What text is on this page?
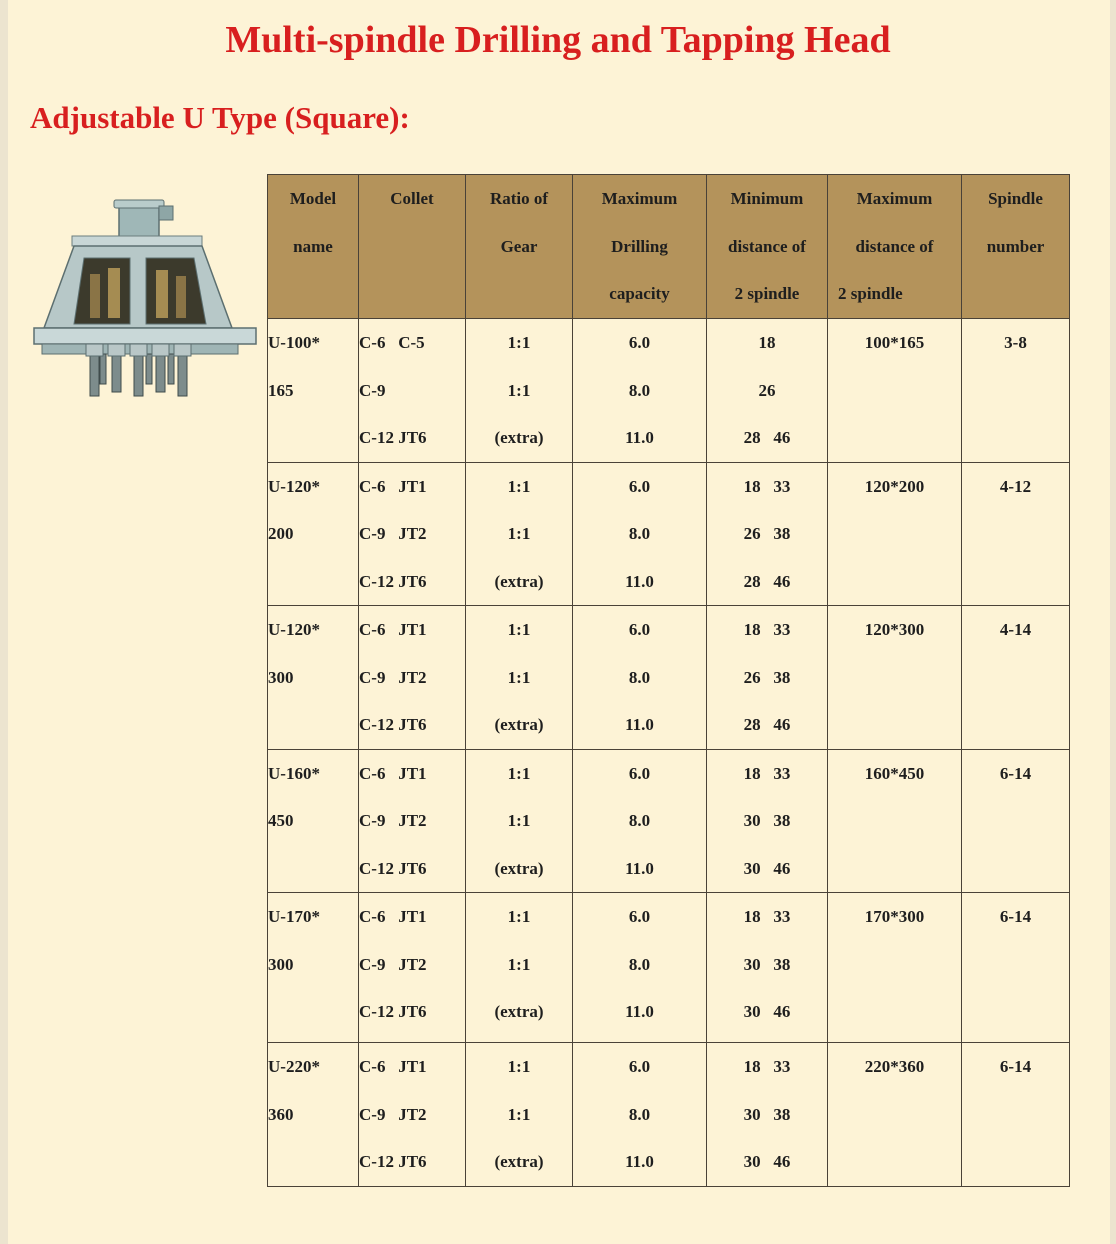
Multi-spindle Drilling and Tapping Head
Adjustable U Type (Square):
Model
name	Collet	Ratio of
Gear	Maximum
Drilling
capacity	Minimum
distance of
2 spindle	Maximum
distance of
2 spindle	Spindle
number

U-100*
165	C-6   C-5
C-9
C-12 JT6	1:1
1:1
(extra)	6.0
8.0
11.0	18
26
28   46	100*165	3-8

U-120*
200	C-6   JT1
C-9   JT2
C-12 JT6	1:1
1:1
(extra)	6.0
8.0
11.0	18   33
26   38
28   46	120*200	4-12

U-120*
300	C-6   JT1
C-9   JT2
C-12 JT6	1:1
1:1
(extra)	6.0
8.0
11.0	18   33
26   38
28   46	120*300	4-14

U-160*
450	C-6   JT1
C-9   JT2
C-12 JT6	1:1
1:1
(extra)	6.0
8.0
11.0	18   33
30   38
30   46	160*450	6-14

U-170*
300	C-6   JT1
C-9   JT2
C-12 JT6	1:1
1:1
(extra)	6.0
8.0
11.0	18   33
30   38
30   46	170*300	6-14

U-220*
360	C-6   JT1
C-9   JT2
C-12 JT6	1:1
1:1
(extra)	6.0
8.0
11.0	18   33
30   38
30   46	220*360	6-14
